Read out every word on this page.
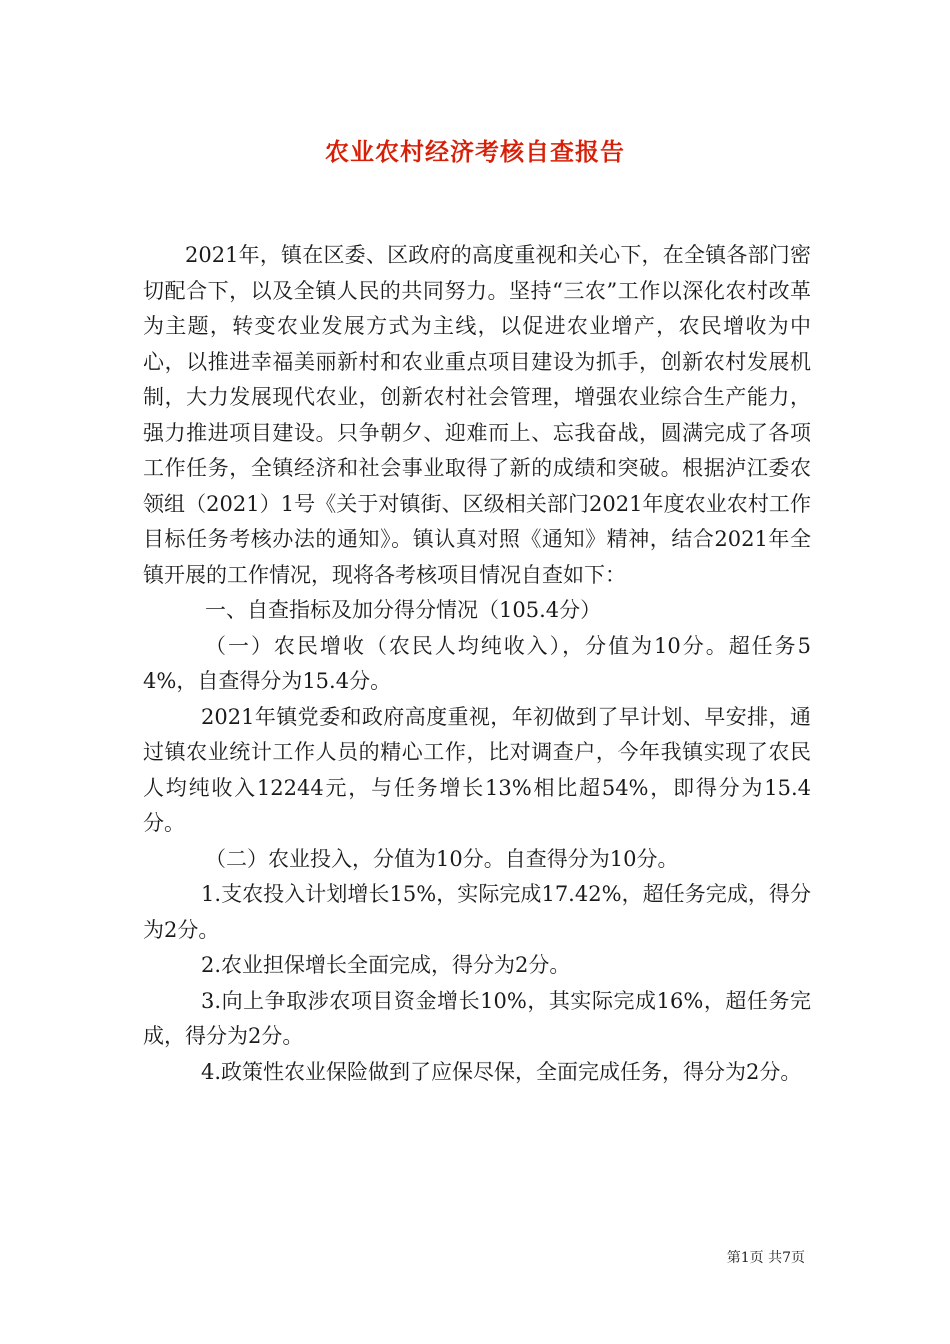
农业农村经济考核自查报告

2021年，镇在区委、区政府的高度重视和关心下，在全镇各部门密切配合下，以及全镇人民的共同努力。坚持“三农”工作以深化农村改革为主题，转变农业发展方式为主线，以促进农业增产，农民增收为中心，以推进幸福美丽新村和农业重点项目建设为抓手，创新农村发展机制，大力发展现代农业，创新农村社会管理，增强农业综合生产能力，强力推进项目建设。只争朝夕、迎难而上、忘我奋战，圆满完成了各项工作任务，全镇经济和社会事业取得了新的成绩和突破。根据泸江委农领组（2021）1号《关于对镇街、区级相关部门2021年度农业农村工作目标任务考核办法的通知》。镇认真对照《通知》精神，结合2021年全镇开展的工作情况，现将各考核项目情况自查如下：

一、自查指标及加分得分情况（105.4分）

（一）农民增收（农民人均纯收入），分值为10分。超任务54%，自查得分为15.4分。

2021年镇党委和政府高度重视，年初做到了早计划、早安排，通过镇农业统计工作人员的精心工作，比对调查户，今年我镇实现了农民人均纯收入12244元，与任务增长13%相比超54%，即得分为15.4分。

（二）农业投入，分值为10分。自查得分为10分。

1.支农投入计划增长15%，实际完成17.42%，超任务完成，得分为2分。

2.农业担保增长全面完成，得分为2分。

3.向上争取涉农项目资金增长10%，其实际完成16%，超任务完成，得分为2分。

4.政策性农业保险做到了应保尽保，全面完成任务，得分为2分。

第1页 共7页
